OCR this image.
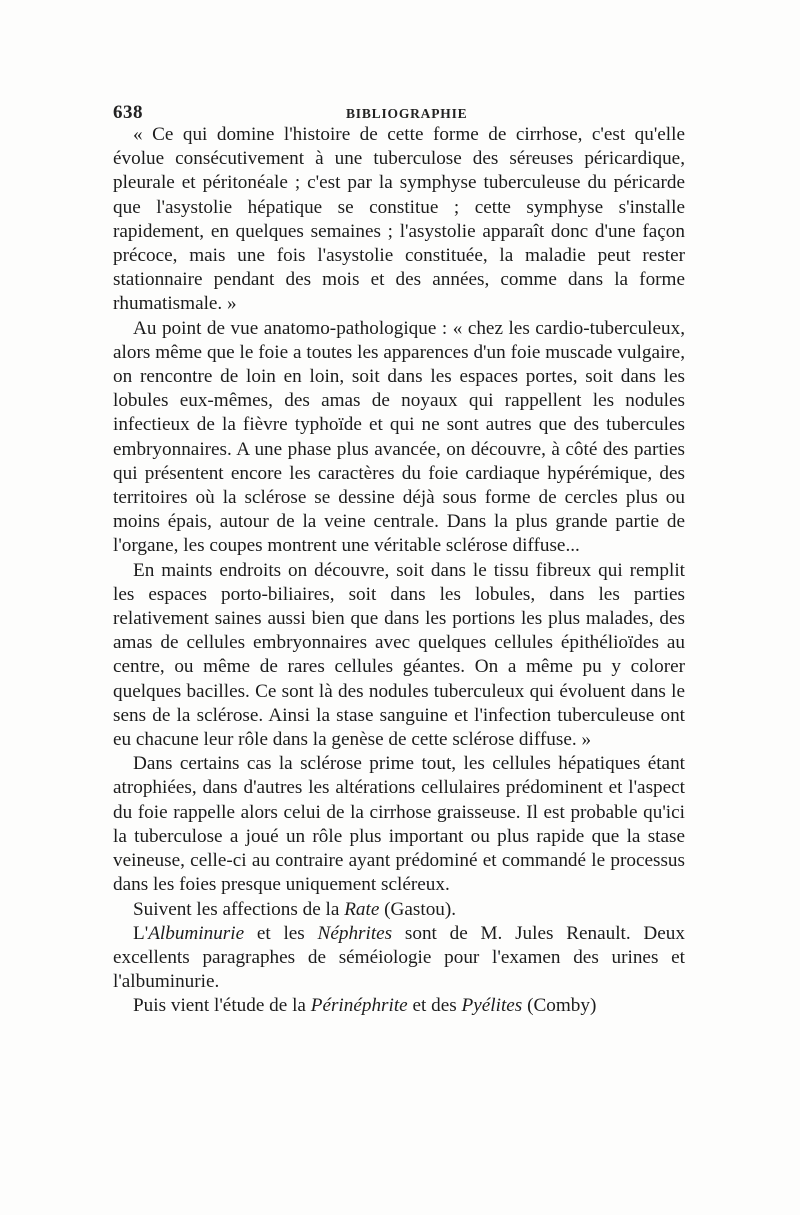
638	BIBLIOGRAPHIE

« Ce qui domine l'histoire de cette forme de cirrhose, c'est qu'elle évolue consécutivement à une tuberculose des séreuses péricardique, pleurale et péritonéale ; c'est par la symphyse tuberculeuse du péricarde que l'asystolie hépatique se constitue ; cette symphyse s'installe rapidement, en quelques semaines ; l'asystolie apparaît donc d'une façon précoce, mais une fois l'asystolie constituée, la maladie peut rester stationnaire pendant des mois et des années, comme dans la forme rhumatismale. »

Au point de vue anatomo-pathologique : « chez les cardio-tuberculeux, alors même que le foie a toutes les apparences d'un foie muscade vulgaire, on rencontre de loin en loin, soit dans les espaces portes, soit dans les lobules eux-mêmes, des amas de noyaux qui rappellent les nodules infectieux de la fièvre typhoïde et qui ne sont autres que des tubercules embryonnaires. A une phase plus avancée, on découvre, à côté des parties qui présentent encore les caractères du foie cardiaque hypérémique, des territoires où la sclérose se dessine déjà sous forme de cercles plus ou moins épais, autour de la veine centrale. Dans la plus grande partie de l'organe, les coupes montrent une véritable sclérose diffuse...

En maints endroits on découvre, soit dans le tissu fibreux qui remplit les espaces porto-biliaires, soit dans les lobules, dans les parties relativement saines aussi bien que dans les portions les plus malades, des amas de cellules embryonnaires avec quelques cellules épithélioïdes au centre, ou même de rares cellules géantes. On a même pu y colorer quelques bacilles. Ce sont là des nodules tuberculeux qui évoluent dans le sens de la sclérose. Ainsi la stase sanguine et l'infection tuberculeuse ont eu chacune leur rôle dans la genèse de cette sclérose diffuse. »

Dans certains cas la sclérose prime tout, les cellules hépatiques étant atrophiées, dans d'autres les altérations cellulaires prédominent et l'aspect du foie rappelle alors celui de la cirrhose graisseuse. Il est probable qu'ici la tuberculose a joué un rôle plus important ou plus rapide que la stase veineuse, celle-ci au contraire ayant prédominé et commandé le processus dans les foies presque uniquement scléreux.

Suivent les affections de la Rate (Gastou).

L'Albuminurie et les Néphrites sont de M. Jules Renault. Deux excellents paragraphes de séméiologie pour l'examen des urines et l'albuminurie.

Puis vient l'étude de la Périnéphrite et des Pyélites (Comby)
